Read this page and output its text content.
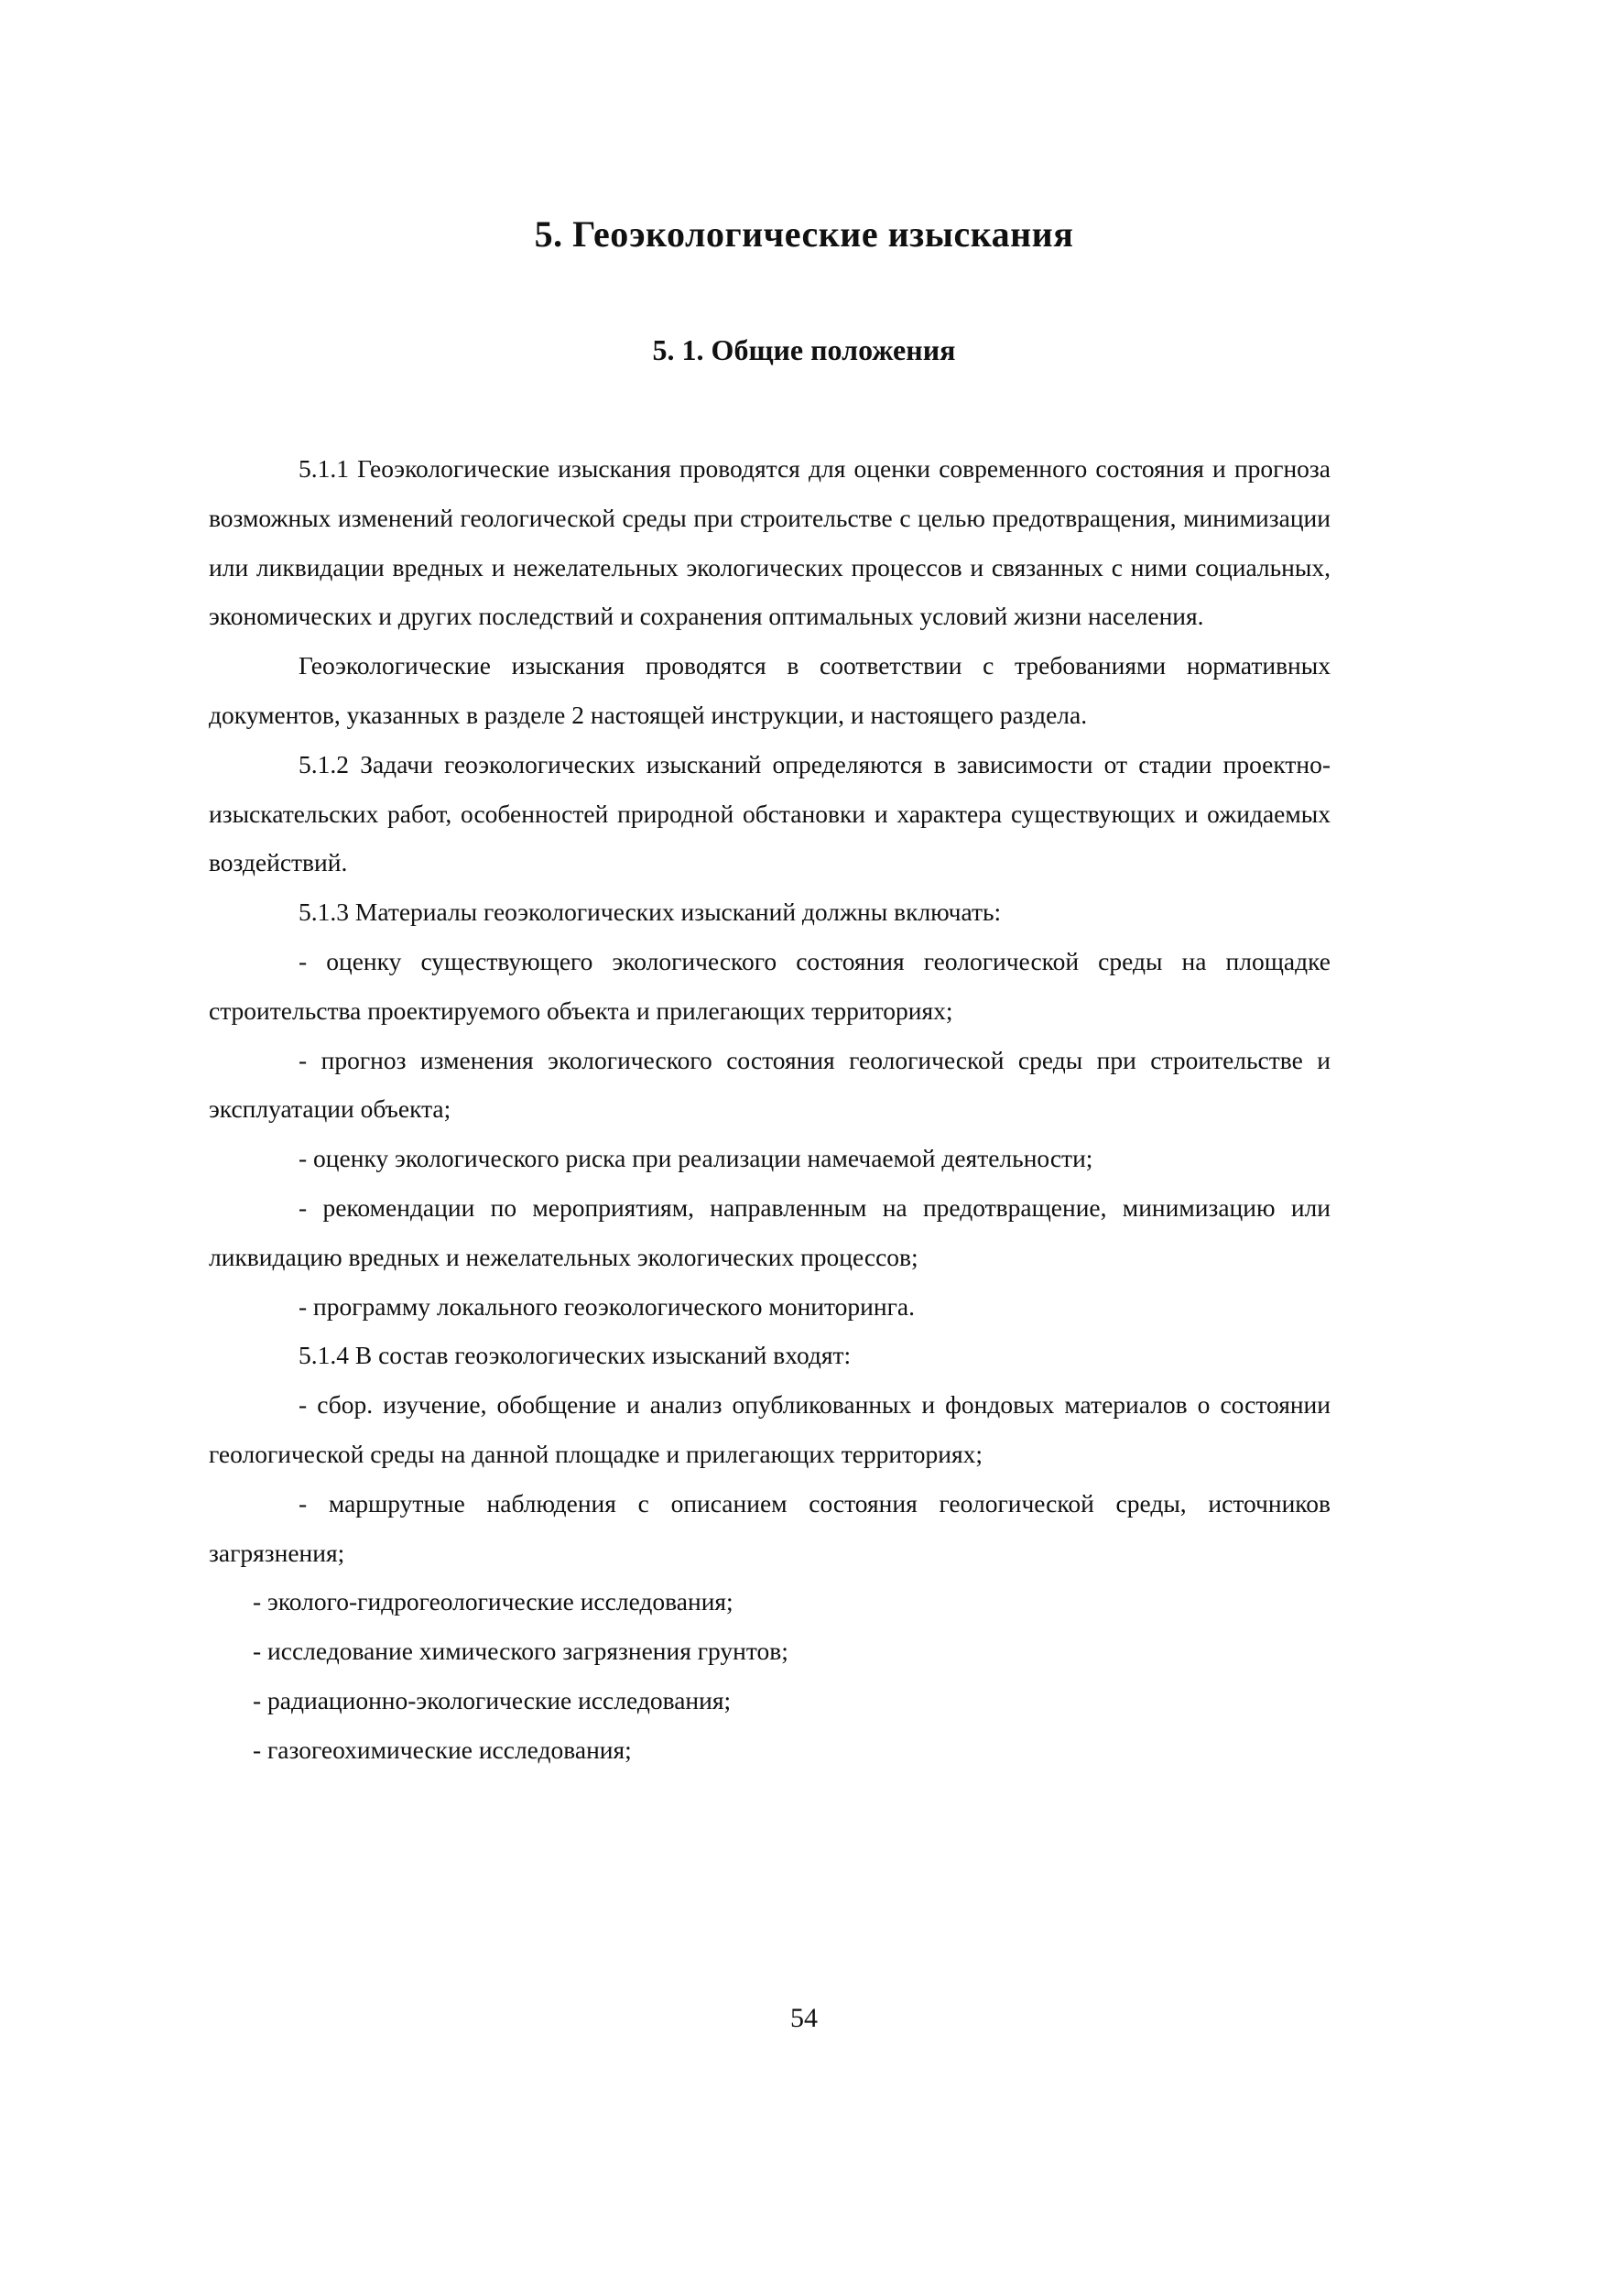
5. Геоэкологические изыскания
5. 1. Общие положения

5.1.1 Геоэкологические изыскания проводятся для оценки современного состояния и прогноза возможных изменений геологической среды при строительстве с целью предотвращения, минимизации или ликвидации вредных и нежелательных экологических процессов и связанных с ними социальных, экономических и других последствий и сохранения оптимальных условий жизни населения.

Геоэкологические изыскания проводятся в соответствии с требованиями нормативных документов, указанных в разделе 2 настоящей инструкции, и настоящего раздела.

5.1.2 Задачи геоэкологических изысканий определяются в зависимости от стадии проектно-изыскательских работ, особенностей природной обстановки и характера существующих и ожидаемых воздействий.

5.1.3 Материалы геоэкологических изысканий должны включать:

- оценку существующего экологического состояния геологической среды на площадке строительства проектируемого объекта и прилегающих территориях;

- прогноз изменения экологического состояния геологической среды при строительстве и эксплуатации объекта;

- оценку экологического риска при реализации намечаемой деятельности;

- рекомендации по мероприятиям, направленным на предотвращение, минимизацию или ликвидацию вредных и нежелательных экологических процессов;

- программу локального геоэкологического мониторинга.

5.1.4 В состав геоэкологических изысканий входят:

- сбор. изучение, обобщение и анализ опубликованных и фондовых материалов о состоянии геологической среды на данной площадке и прилегающих территориях;

- маршрутные наблюдения с описанием состояния геологической среды, источников загрязнения;

- эколого-гидрогеологические исследования;
- исследование химического загрязнения грунтов;
- радиационно-экологические исследования;
- газогеохимические исследования;
54
